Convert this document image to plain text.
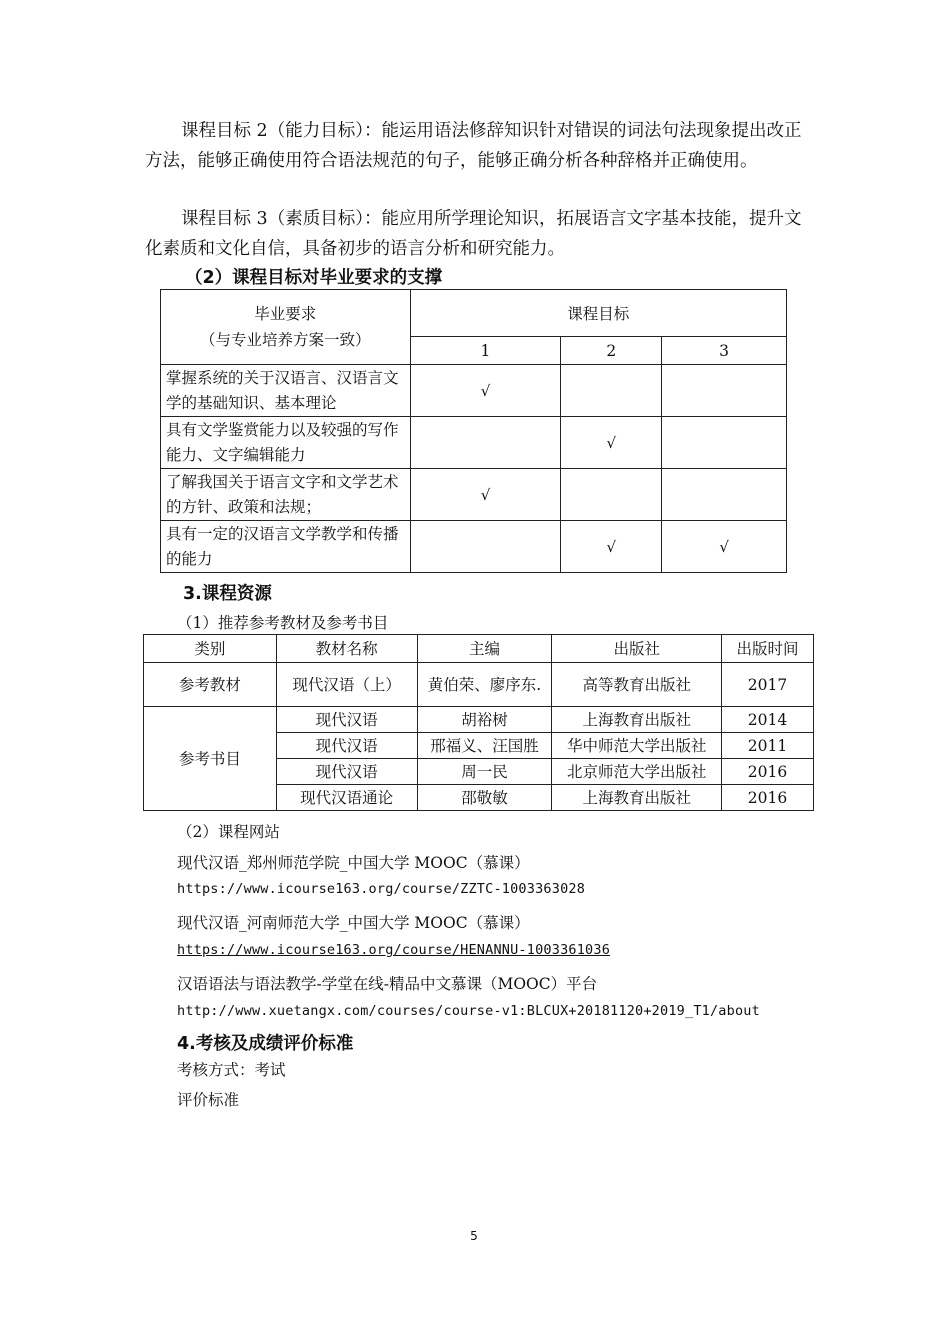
课程目标 2（能力目标）：能运用语法修辞知识针对错误的词法句法现象提出改正方法，能够正确使用符合语法规范的句子，能够正确分析各种辞格并正确使用。

课程目标 3（素质目标）：能应用所学理论知识，拓展语言文字基本技能，提升文化素质和文化自信，具备初步的语言分析和研究能力。

（2）课程目标对毕业要求的支撑

毕业要求
（与专业培养方案一致）	课程目标		
	1	2	3
掌握系统的关于汉语言、汉语言文学的基础知识、基本理论	√		
具有文学鉴赏能力以及较强的写作能力、文字编辑能力		√	
了解我国关于语言文字和文学艺术的方针、政策和法规；	√		
具有一定的汉语言文学教学和传播的能力		√	√

3.课程资源

（1）推荐参考教材及参考书目

类别	教材名称	主编	出版社	出版时间
参考教材	现代汉语（上）	黄伯荣、廖序东.	高等教育出版社	2017
参考书目	现代汉语	胡裕树	上海教育出版社	2014
	现代汉语	邢福义、汪国胜	华中师范大学出版社	2011
	现代汉语	周一民	北京师范大学出版社	2016
	现代汉语通论	邵敬敏	上海教育出版社	2016

（2）课程网站

现代汉语_郑州师范学院_中国大学 MOOC（慕课）

https://www.icourse163.org/course/ZZTC-1003363028

现代汉语_河南师范大学_中国大学 MOOC（慕课）

https://www.icourse163.org/course/HENANNU-1003361036

汉语语法与语法教学-学堂在线-精品中文慕课（MOOC）平台

http://www.xuetangx.com/courses/course-v1:BLCUX+20181120+2019_T1/about

4.考核及成绩评价标准

考核方式：考试

评价标准

5
